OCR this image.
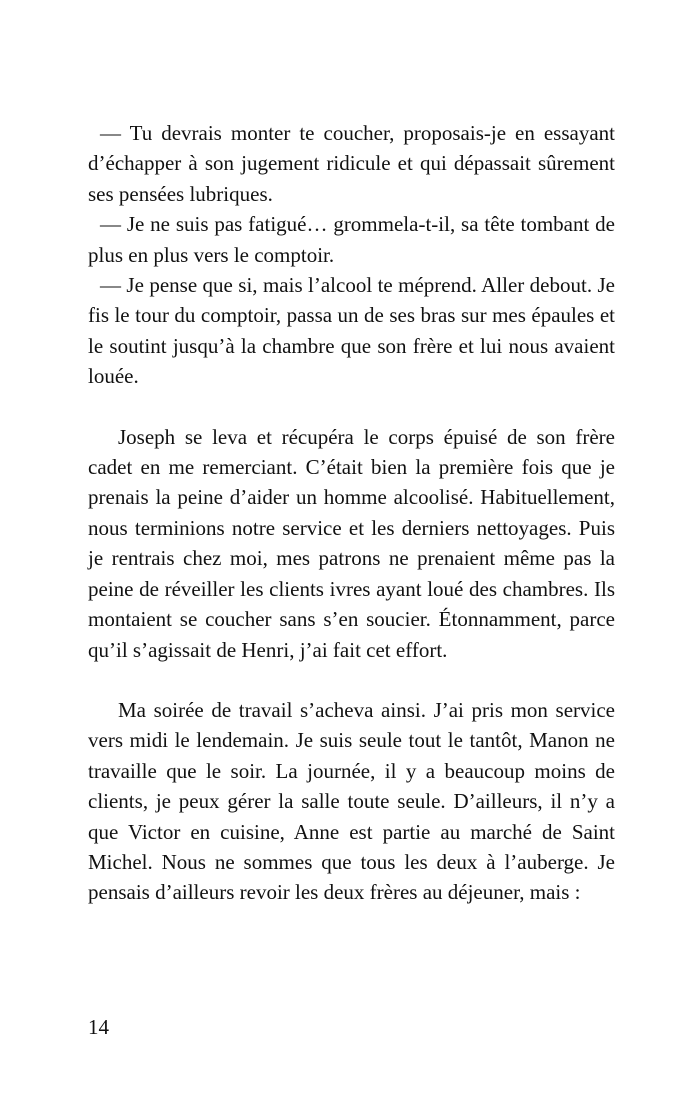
— Tu devrais monter te coucher, proposais-je en essayant d’échapper à son jugement ridicule et qui dépassait sûrement ses pensées lubriques.

— Je ne suis pas fatigué… grommela-t-il, sa tête tombant de plus en plus vers le comptoir.

— Je pense que si, mais l’alcool te méprend. Aller debout. Je fis le tour du comptoir, passa un de ses bras sur mes épaules et le soutint jusqu’à la chambre que son frère et lui nous avaient louée.

Joseph se leva et récupéra le corps épuisé de son frère cadet en me remerciant. C’était bien la première fois que je prenais la peine d’aider un homme alcoolisé. Habituellement, nous terminions notre service et les derniers nettoyages. Puis je rentrais chez moi, mes patrons ne prenaient même pas la peine de réveiller les clients ivres ayant loué des chambres. Ils montaient se coucher sans s’en soucier. Étonnamment, parce qu’il s’agissait de Henri, j’ai fait cet effort.

Ma soirée de travail s’acheva ainsi. J’ai pris mon service vers midi le lendemain. Je suis seule tout le tantôt, Manon ne travaille que le soir. La journée, il y a beaucoup moins de clients, je peux gérer la salle toute seule. D’ailleurs, il n’y a que Victor en cuisine, Anne est partie au marché de Saint Michel. Nous ne sommes que tous les deux à l’auberge. Je pensais d’ailleurs revoir les deux frères au déjeuner, mais :

14
